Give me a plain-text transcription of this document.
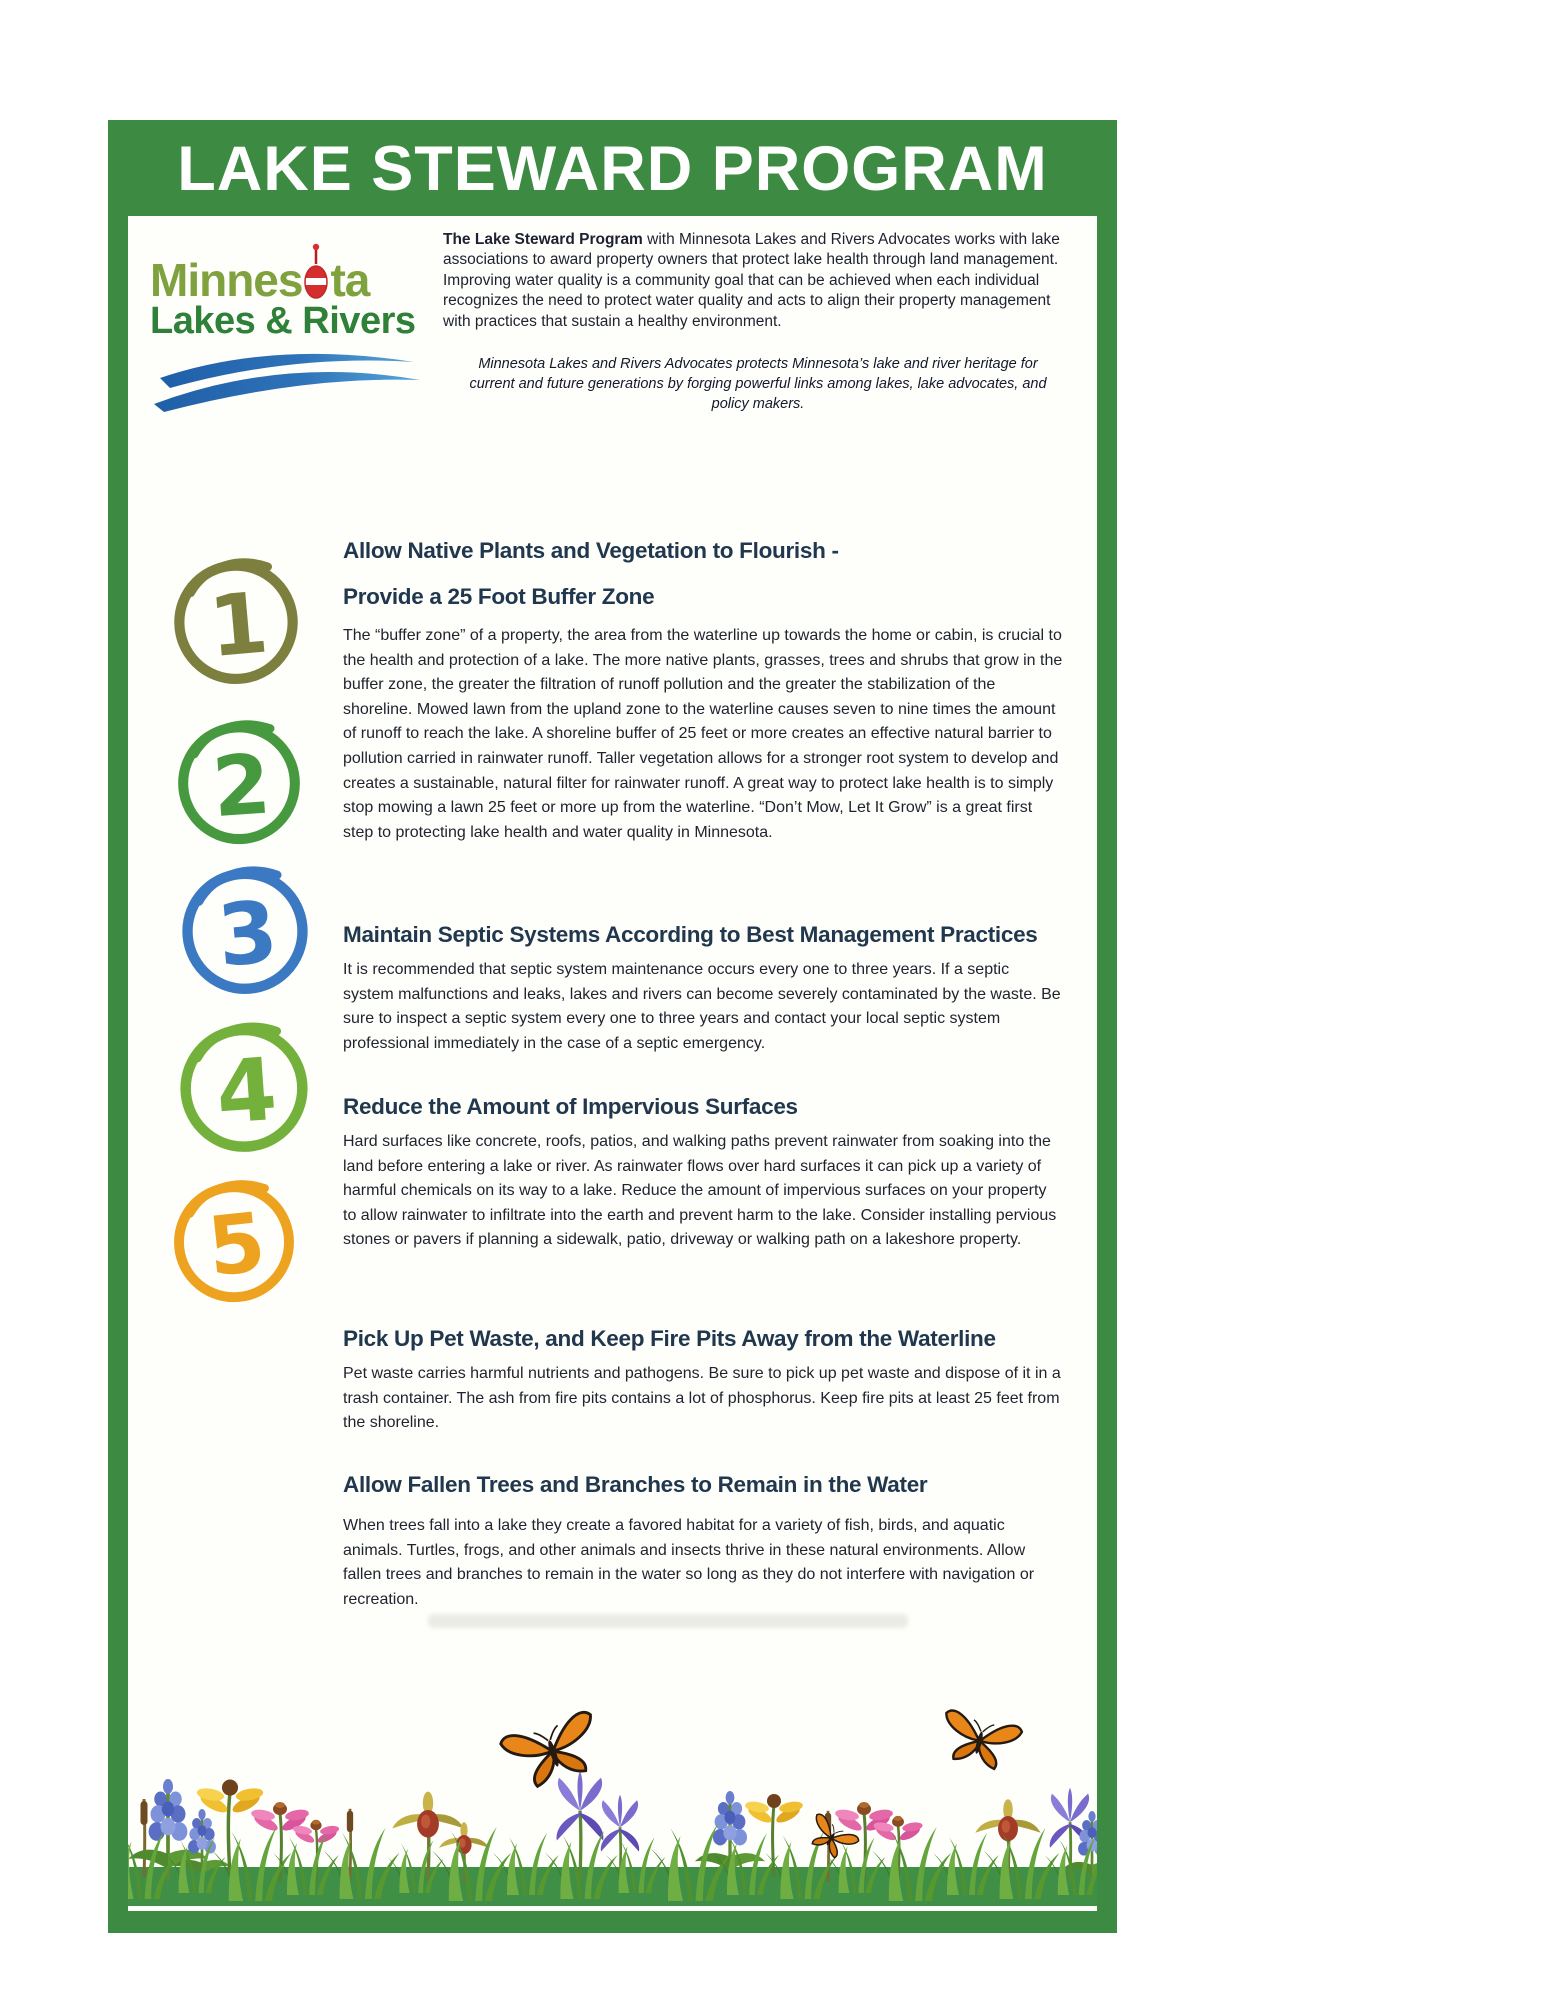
LAKE STEWARD PROGRAM
Minnes ta
Lakes & Rivers
The Lake Steward Program with Minnesota Lakes and Rivers Advocates works with lake associations to award property owners that protect lake health through land management. Improving water quality is a community goal that can be achieved when each individual recognizes the need to protect water quality and acts to align their property management with practices that sustain a healthy environment.
Minnesota Lakes and Rivers Advocates protects Minnesota’s lake and river heritage for current and future generations by forging powerful links among lakes, lake advocates, and policy makers.
1
2
3
4
5
Allow Native Plants and Vegetation to Flourish -
Provide a 25 Foot Buffer Zone
The “buffer zone” of a property, the area from the waterline up towards the home or cabin, is crucial to the health and protection of a lake. The more native plants, grasses, trees and shrubs that grow in the buffer zone, the greater the filtration of runoff pollution and the greater the stabilization of the shoreline. Mowed lawn from the upland zone to the waterline causes seven to nine times the amount of runoff to reach the lake. A shoreline buffer of 25 feet or more creates an effective natural barrier to pollution carried in rainwater runoff. Taller vegetation allows for a stronger root system to develop and creates a sustainable, natural filter for rainwater runoff. A great way to protect lake health is to simply stop mowing a lawn 25 feet or more up from the waterline. “Don’t Mow, Let It Grow” is a great first step to protecting lake health and water quality in Minnesota.
Maintain Septic Systems According to Best Management Practices
It is recommended that septic system maintenance occurs every one to three years. If a septic system malfunctions and leaks, lakes and rivers can become severely contaminated by the waste. Be sure to inspect a septic system every one to three years and contact your local septic system professional immediately in the case of a septic emergency.
Reduce the Amount of Impervious Surfaces
Hard surfaces like concrete, roofs, patios, and walking paths prevent rainwater from soaking into the land before entering a lake or river. As rainwater flows over hard surfaces it can pick up a variety of harmful chemicals on its way to a lake. Reduce the amount of impervious surfaces on your property to allow rainwater to infiltrate into the earth and prevent harm to the lake. Consider installing pervious stones or pavers if planning a sidewalk, patio, driveway or walking path on a lakeshore property.
Pick Up Pet Waste, and Keep Fire Pits Away from the Waterline
Pet waste carries harmful nutrients and pathogens. Be sure to pick up pet waste and dispose of it in a trash container. The ash from fire pits contains a lot of phosphorus. Keep fire pits at least 25 feet from the shoreline.
Allow Fallen Trees and Branches to Remain in the Water
When trees fall into a lake they create a favored habitat for a variety of fish, birds, and aquatic animals. Turtles, frogs, and other animals and insects thrive in these natural environments. Allow fallen trees and branches to remain in the water so long as they do not interfere with navigation or recreation.
